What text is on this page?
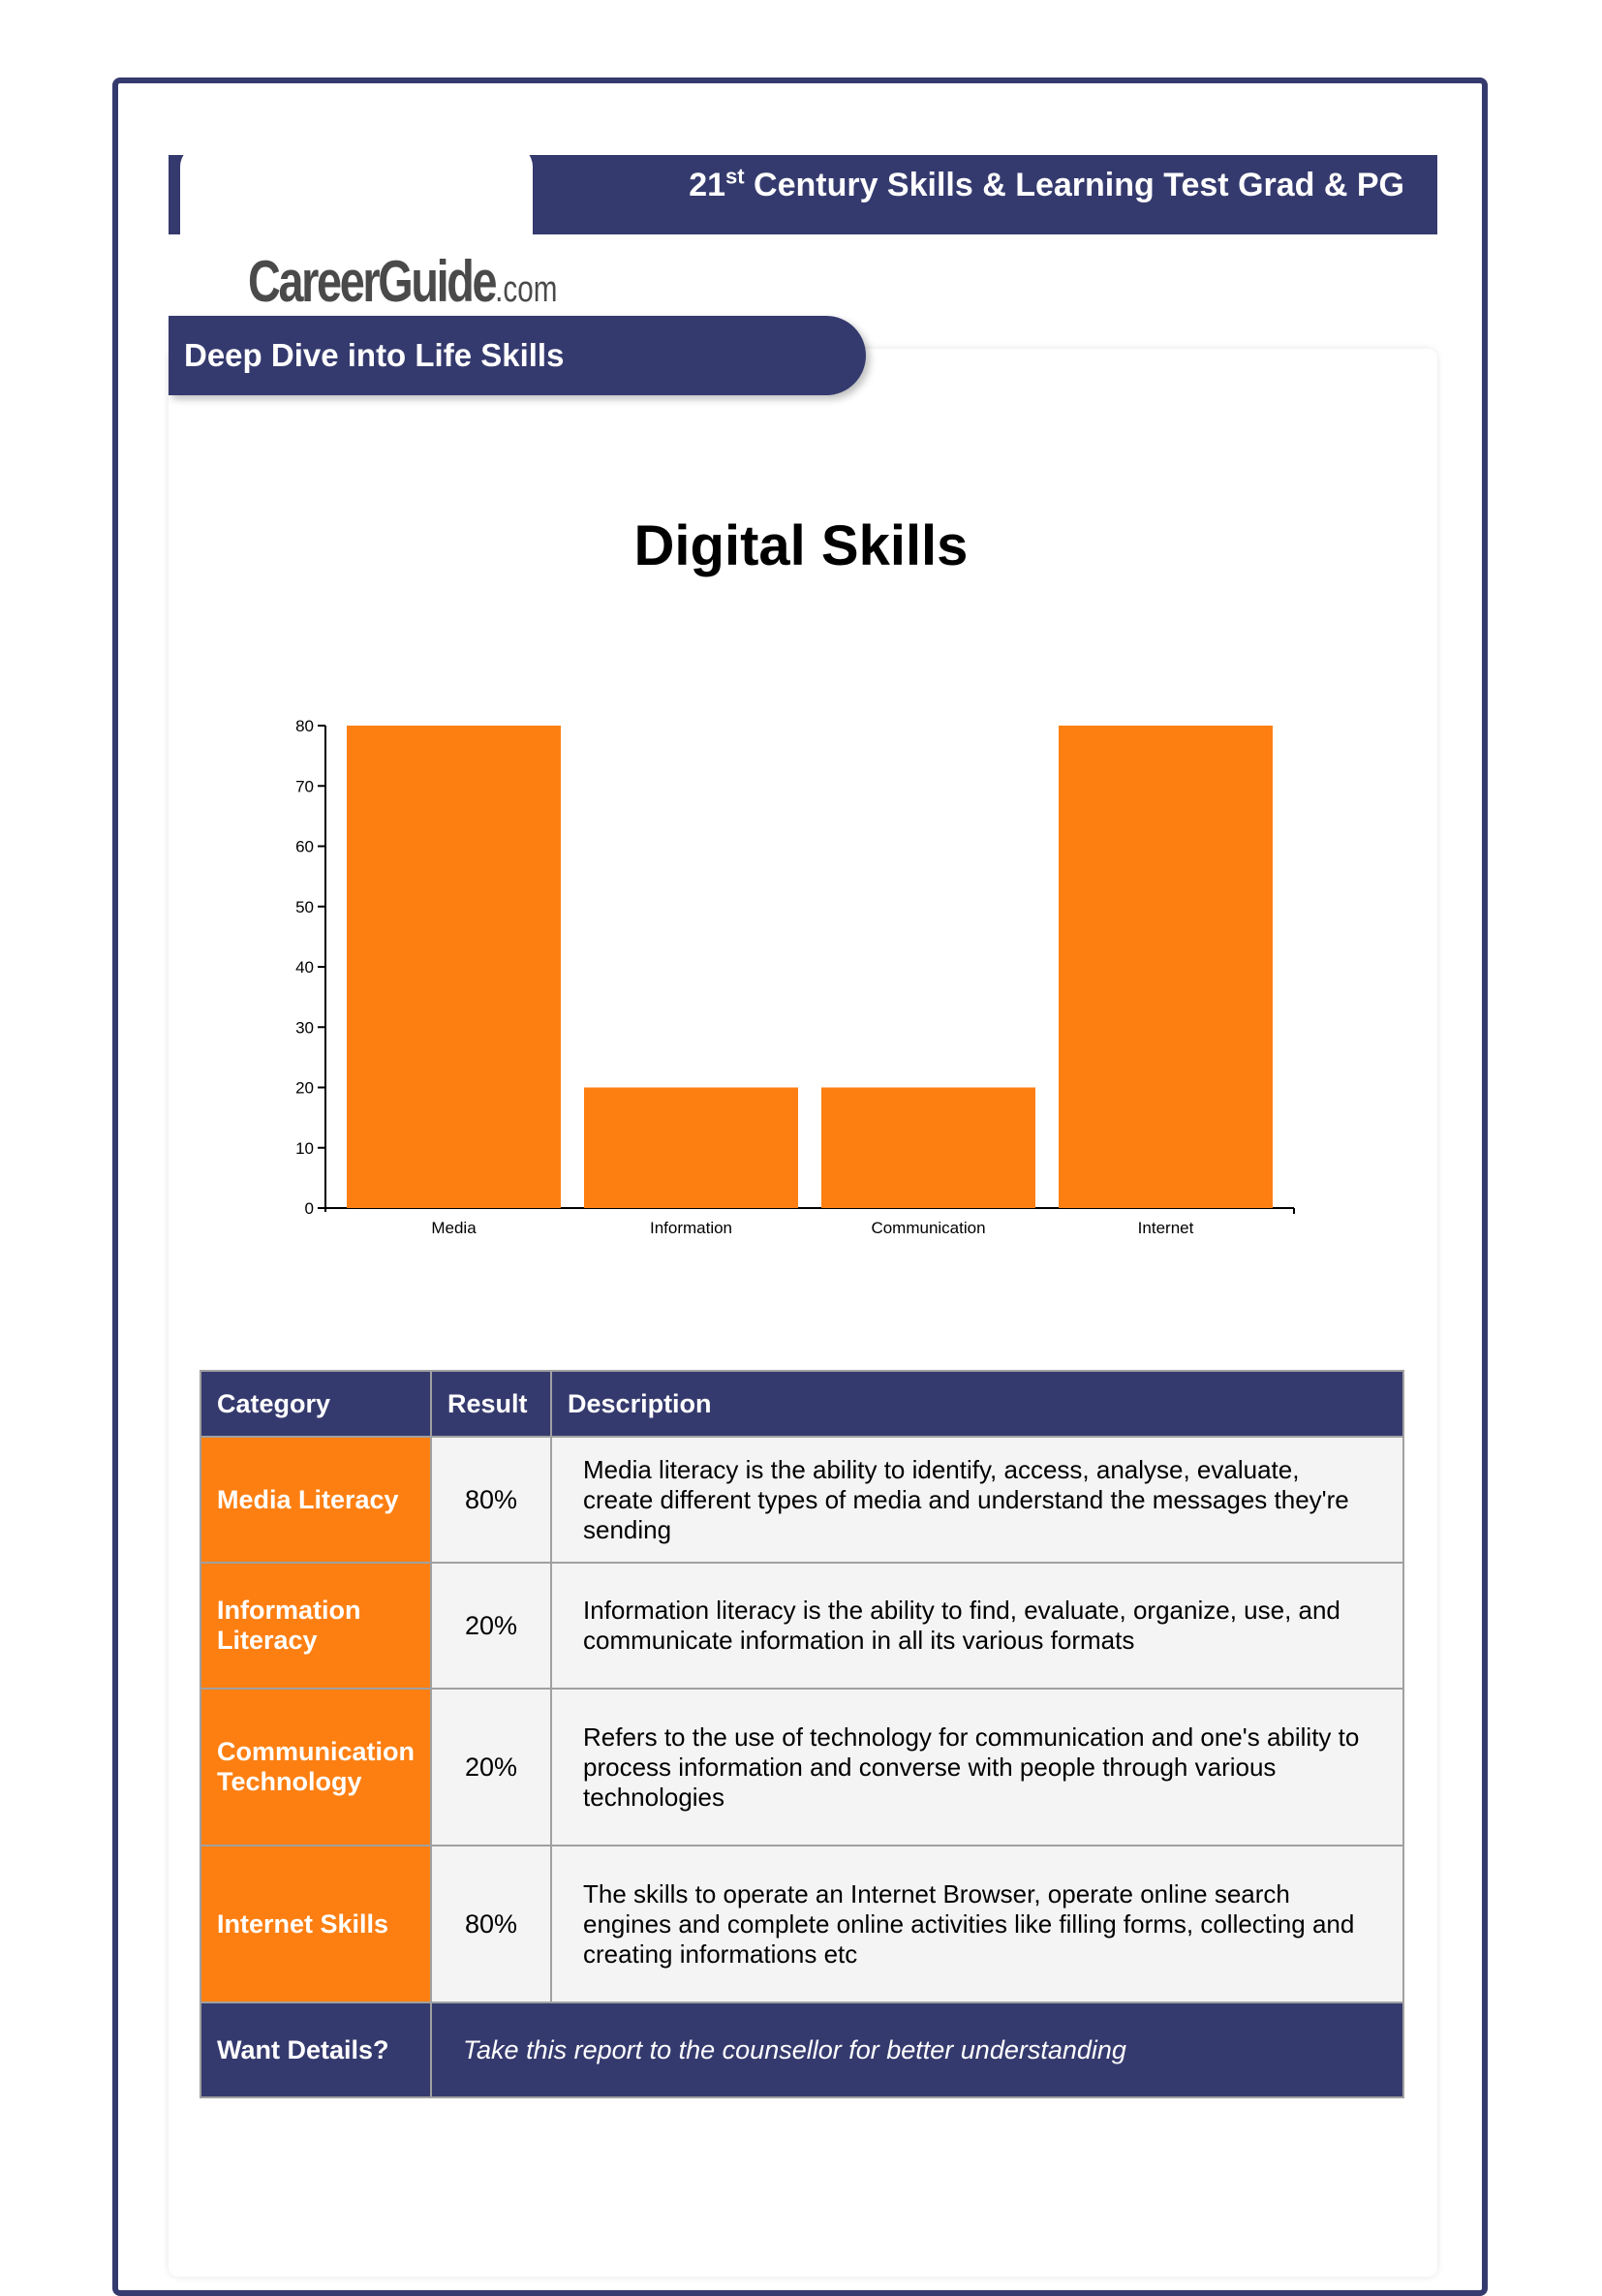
21st Century Skills & Learning Test Grad & PG
CareerGuide.com
Deep Dive into Life Skills
Digital Skills
0
10
20
30
40
50
60
70
80
Media	Information	Communication	Internet
Category	Result	Description
Media Literacy	80%	Media literacy is the ability to identify, access, analyse, evaluate, create different types of media and understand the messages they're sending
Information Literacy	20%	Information literacy is the ability to find, evaluate, organize, use, and communicate information in all its various formats
Communication Technology	20%	Refers to the use of technology for communication and one's ability to process information and converse with people through various technologies
Internet Skills	80%	The skills to operate an Internet Browser, operate online search engines and complete online activities like filling forms, collecting and creating informations etc
Want Details?	Take this report to the counsellor for better understanding	
